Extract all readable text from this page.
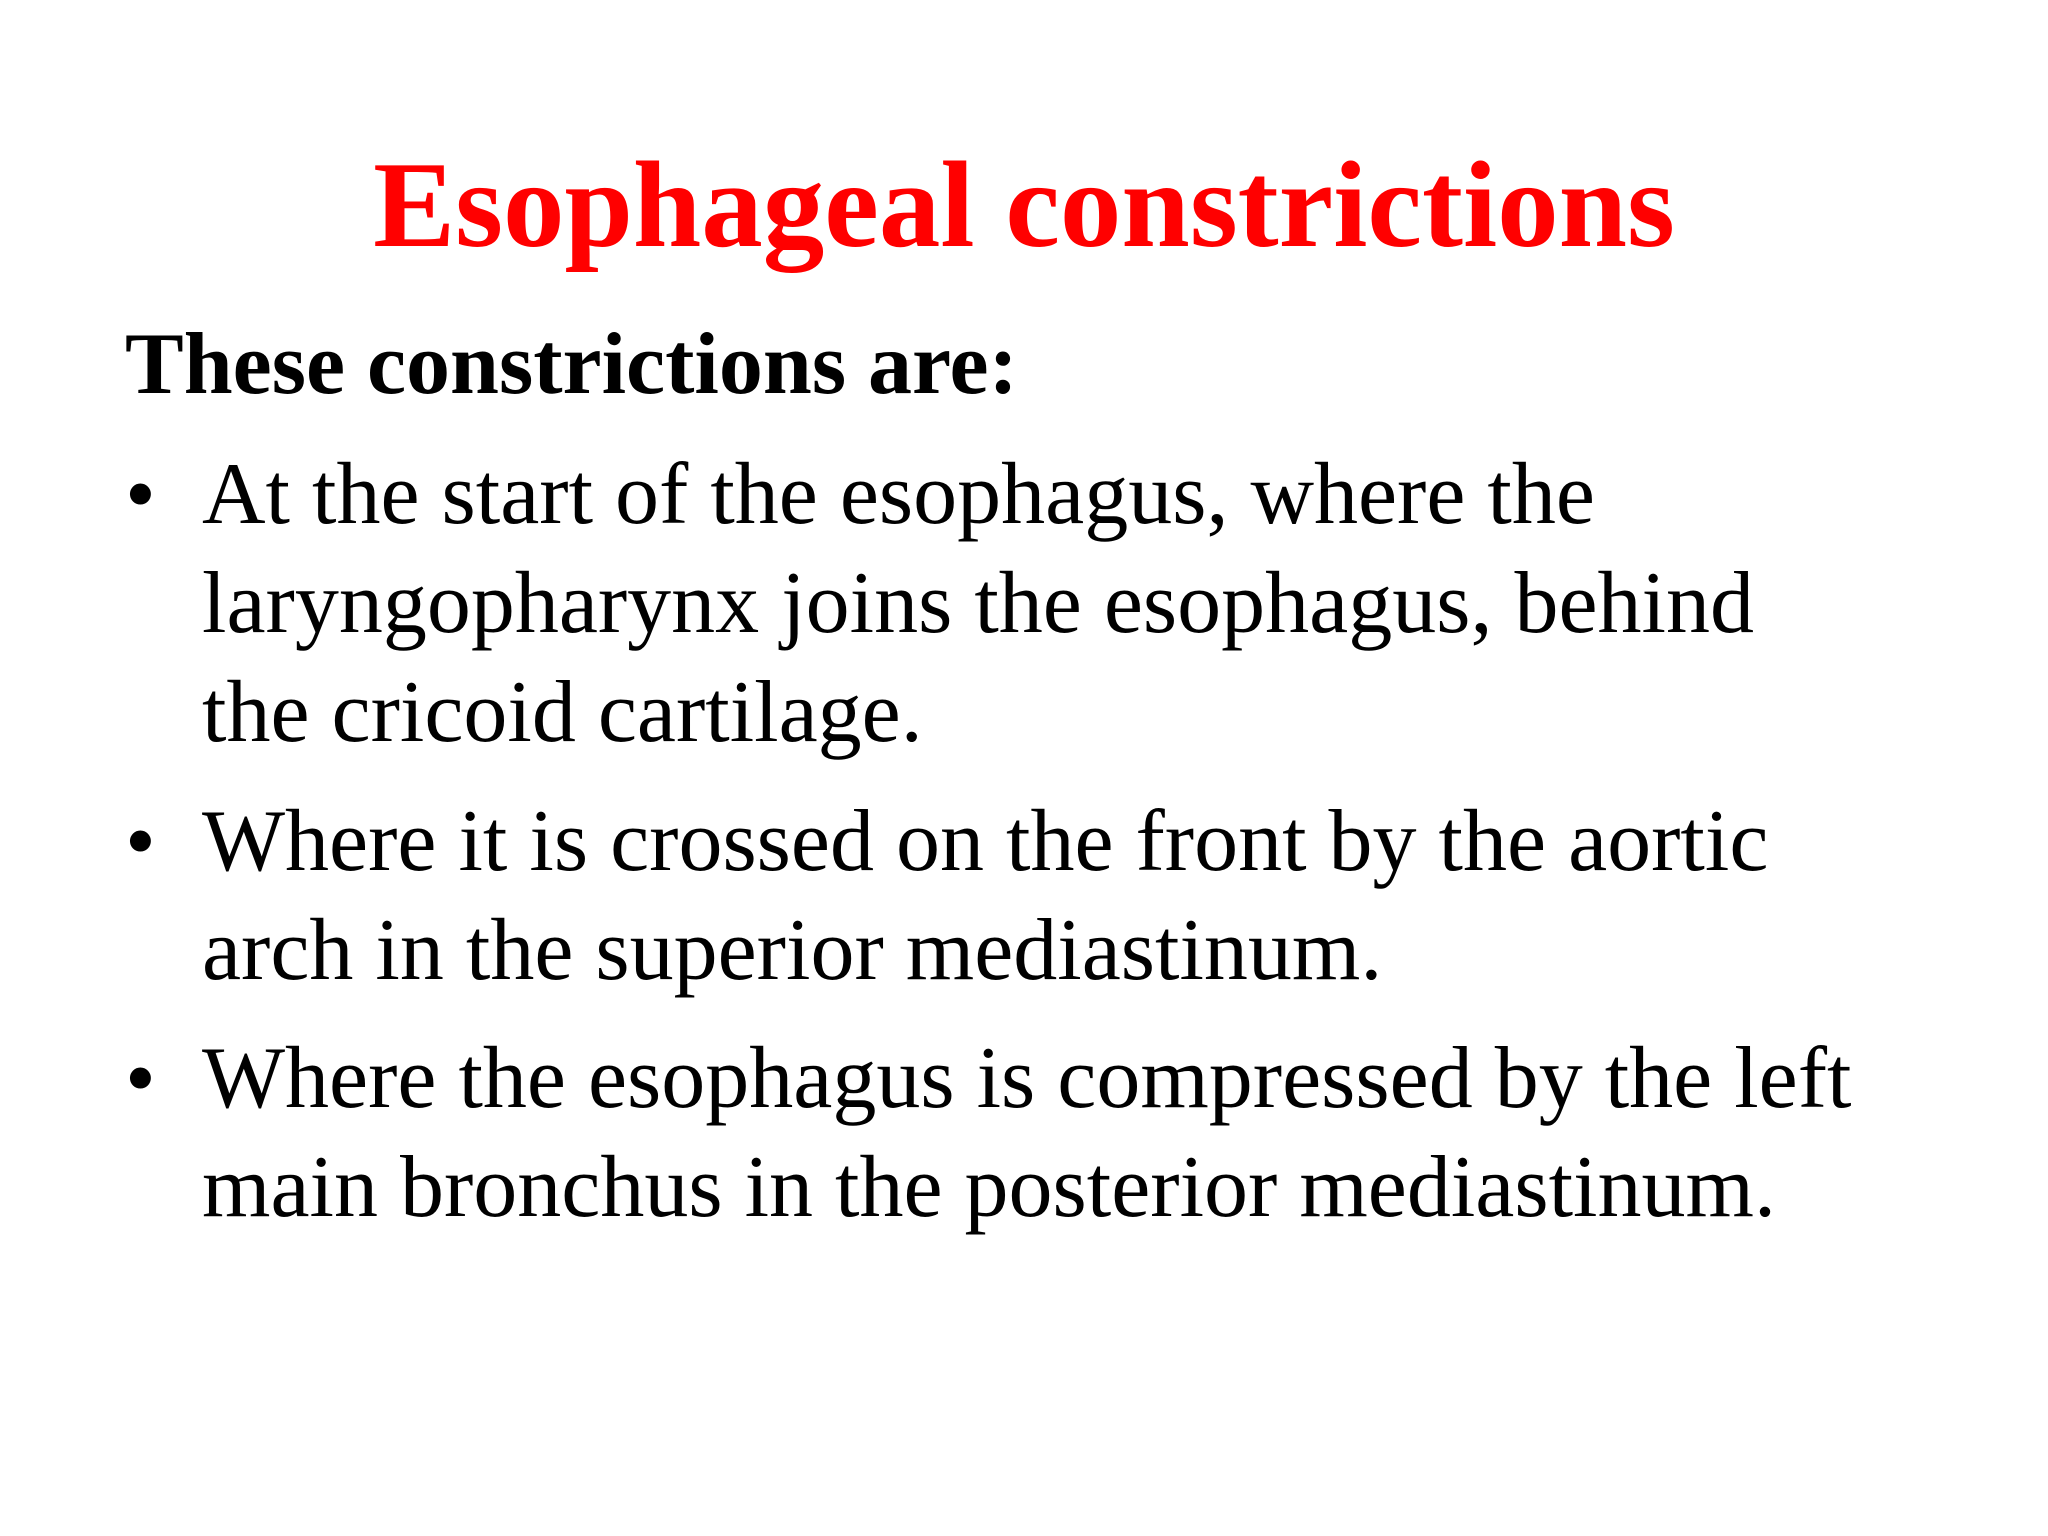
Esophageal constrictions
These constrictions are:
• At the start of the esophagus, where the
laryngopharynx joins the esophagus, behind
the cricoid cartilage.
• Where it is crossed on the front by the aortic
arch in the superior mediastinum.
• Where the esophagus is compressed by the left
main bronchus in the posterior mediastinum.
